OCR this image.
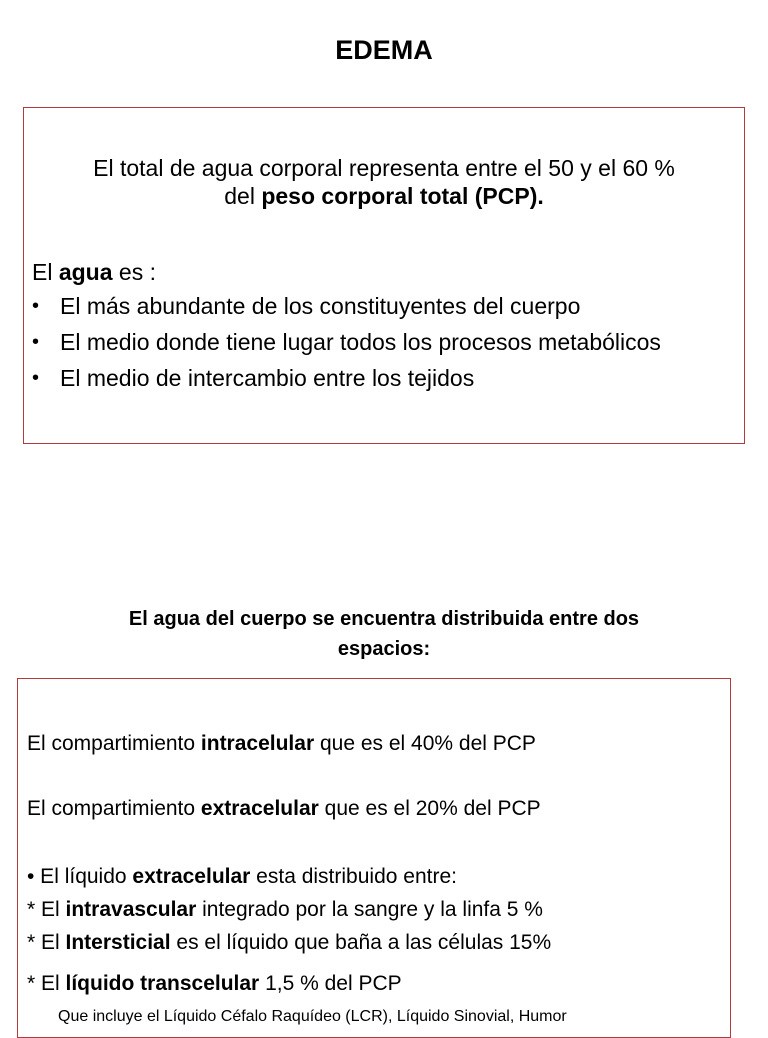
EDEMA
El total de agua corporal representa entre el 50 y el 60 %
del peso corporal total (PCP).
El agua es :
• El más abundante de los constituyentes del cuerpo
• El medio donde tiene lugar todos los procesos metabólicos
• El medio de intercambio entre los tejidos
El agua del cuerpo se encuentra distribuida entre dos
espacios:
El compartimiento intracelular que es el 40% del PCP
El compartimiento extracelular que es el 20% del PCP
• El líquido extracelular esta distribuido entre:
* El intravascular integrado por la sangre y la linfa 5 %
* El Intersticial es el líquido que baña a las células 15%
* El líquido transcelular 1,5 % del PCP
Que incluye el Líquido Céfalo Raquídeo (LCR), Líquido Sinovial, Humor
